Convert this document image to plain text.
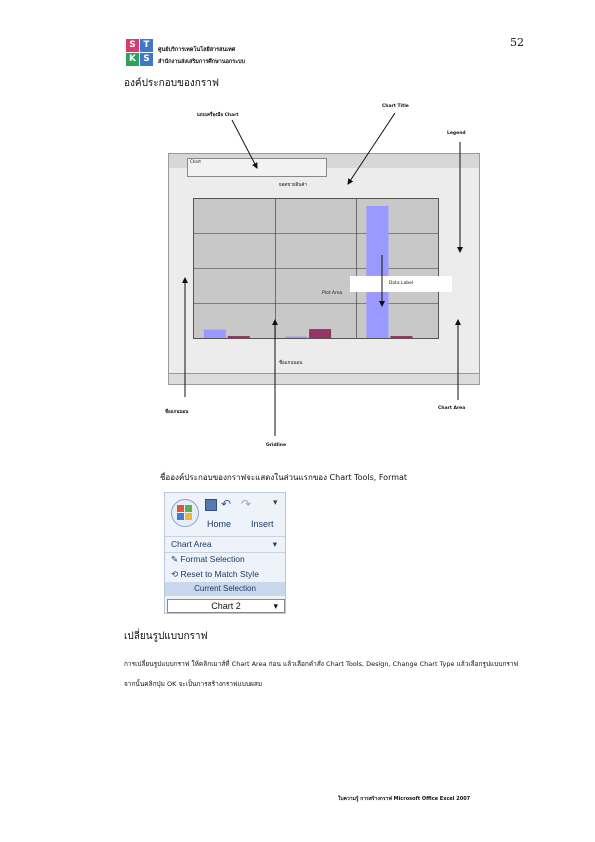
52
S T
K S
ศูนย์บริการเทคโนโลยีสารสนเทศ
สำนักงานส่งเสริมการศึกษานอกระบบ
องค์ประกอบของกราฟ
แถบเครื่องมือ Chart
Chart Title
Legend
ชื่อแกนนอน
Gridline
Chart Area
Chart
ยอดขายสินค้า
Data Label
Plot Area
ชื่อแกนนอน
ชื่อองค์ประกอบของกราฟจะแสดงในส่วนแรกของ Chart Tools, Format
↶ ↷ ▾
Home Insert
Chart Area	▾
✎ Format Selection
⟲ Reset to Match Style
Current Selection
Chart 2	▾
เปลี่ยนรูปแบบกราฟ
การเปลี่ยนรูปแบบกราฟ ให้คลิกเมาส์ที่ Chart Area ก่อน แล้วเลือกคำสั่ง Chart Tools, Design, Change Chart Type แล้วเลือกรูปแบบกราฟ จากนั้นคลิกปุ่ม OK จะเป็นการสร้างกราฟแบบผสม
ใบความรู้ การสร้างกราฟ Microsoft Office Excel 2007
